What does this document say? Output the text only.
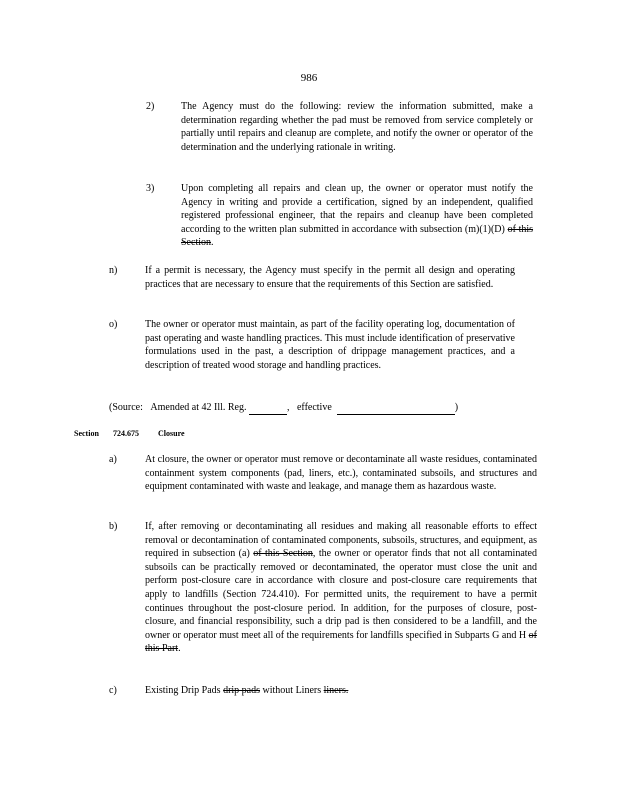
986
2)	The Agency must do the following: review the information submitted, make a determination regarding whether the pad must be removed from service completely or partially until repairs and cleanup are complete, and notify the owner or operator of the determination and the underlying rationale in writing.
3)	Upon completing all repairs and clean up, the owner or operator must notify the Agency in writing and provide a certification, signed by an independent, qualified registered professional engineer, that the repairs and cleanup have been completed according to the written plan submitted in accordance with subsection (m)(1)(D) of this Section.
n)	If a permit is necessary, the Agency must specify in the permit all design and operating practices that are necessary to ensure that the requirements of this Section are satisfied.
o)	The owner or operator must maintain, as part of the facility operating log, documentation of past operating and waste handling practices. This must include identification of preservative formulations used in the past, a description of drippage management practices, and a description of treated wood storage and handling practices.
(Source: Amended at 42 Ill. Reg.	,   effective	)
Section 724.675 Closure
a)	At closure, the owner or operator must remove or decontaminate all waste residues, contaminated containment system components (pad, liners, etc.), contaminated subsoils, and structures and equipment contaminated with waste and leakage, and manage them as hazardous waste.
b)	If, after removing or decontaminating all residues and making all reasonable efforts to effect removal or decontamination of contaminated components, subsoils, structures, and equipment, as required in subsection (a) of this Section, the owner or operator finds that not all contaminated subsoils can be practically removed or decontaminated, the operator must close the unit and perform post-closure care in accordance with closure and post-closure care requirements that apply to landfills (Section 724.410). For permitted units, the requirement to have a permit continues throughout the post-closure period. In addition, for the purposes of closure, post-closure, and financial responsibility, such a drip pad is then considered to be a landfill, and the owner or operator must meet all of the requirements for landfills specified in Subparts G and H of this Part.
c)	Existing Drip Pads drip pads without Liners liners.
